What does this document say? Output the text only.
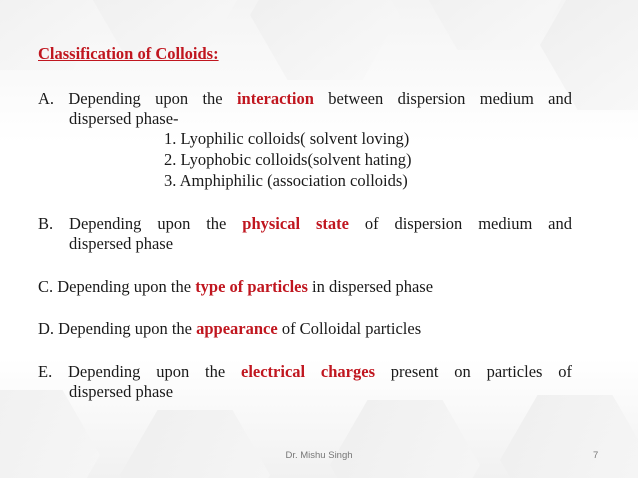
Classification of Colloids:
A. Depending upon the interaction between dispersion medium and
dispersed phase-
1. Lyophilic colloids( solvent loving)
2. Lyophobic colloids(solvent hating)
3. Amphiphilic (association colloids)
B. Depending upon the physical state of dispersion medium and
dispersed phase
C. Depending upon the type of particles in dispersed phase
D. Depending upon the appearance of Colloidal particles
E. Depending upon the electrical charges present on particles of
dispersed phase
Dr. Mishu Singh	7
